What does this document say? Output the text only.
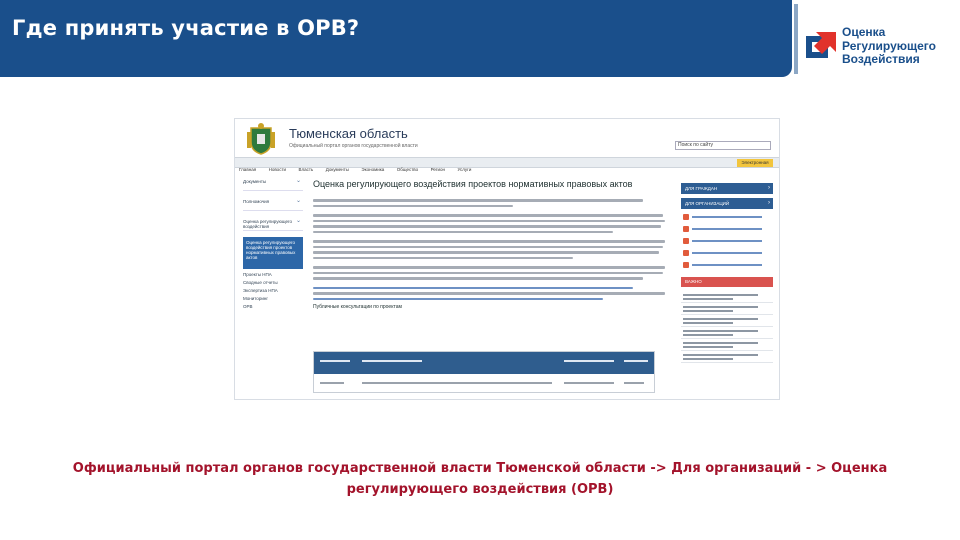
Где принять участие в ОРВ?	Оценка
Регулирующего
Воздействия
Тюменская область
Официальный портал органов государственной власти	Поиск по сайту
Главная	Новости	Власть	Документы	Экономика	Общество	Регион	Услуги
Электронная
Документы ⌄
Полномочия ⌄
Оценка регулирующего воздействия ⌄
Оценка регулирующего воздействия проектов нормативных правовых актов
Проекты НПА
Сводные отчеты
Экспертиза НПА
Мониторинг
ОРВ
Оценка регулирующего воздействия проектов нормативных правовых актов
Публичные консультации по проектам
ДЛЯ ГРАЖДАН ›
ДЛЯ ОРГАНИЗАЦИЙ ›
ВАЖНО
Официальный портал органов государственной власти Тюменской области -> Для организаций - > Оценка регулирующего воздействия (ОРВ)
